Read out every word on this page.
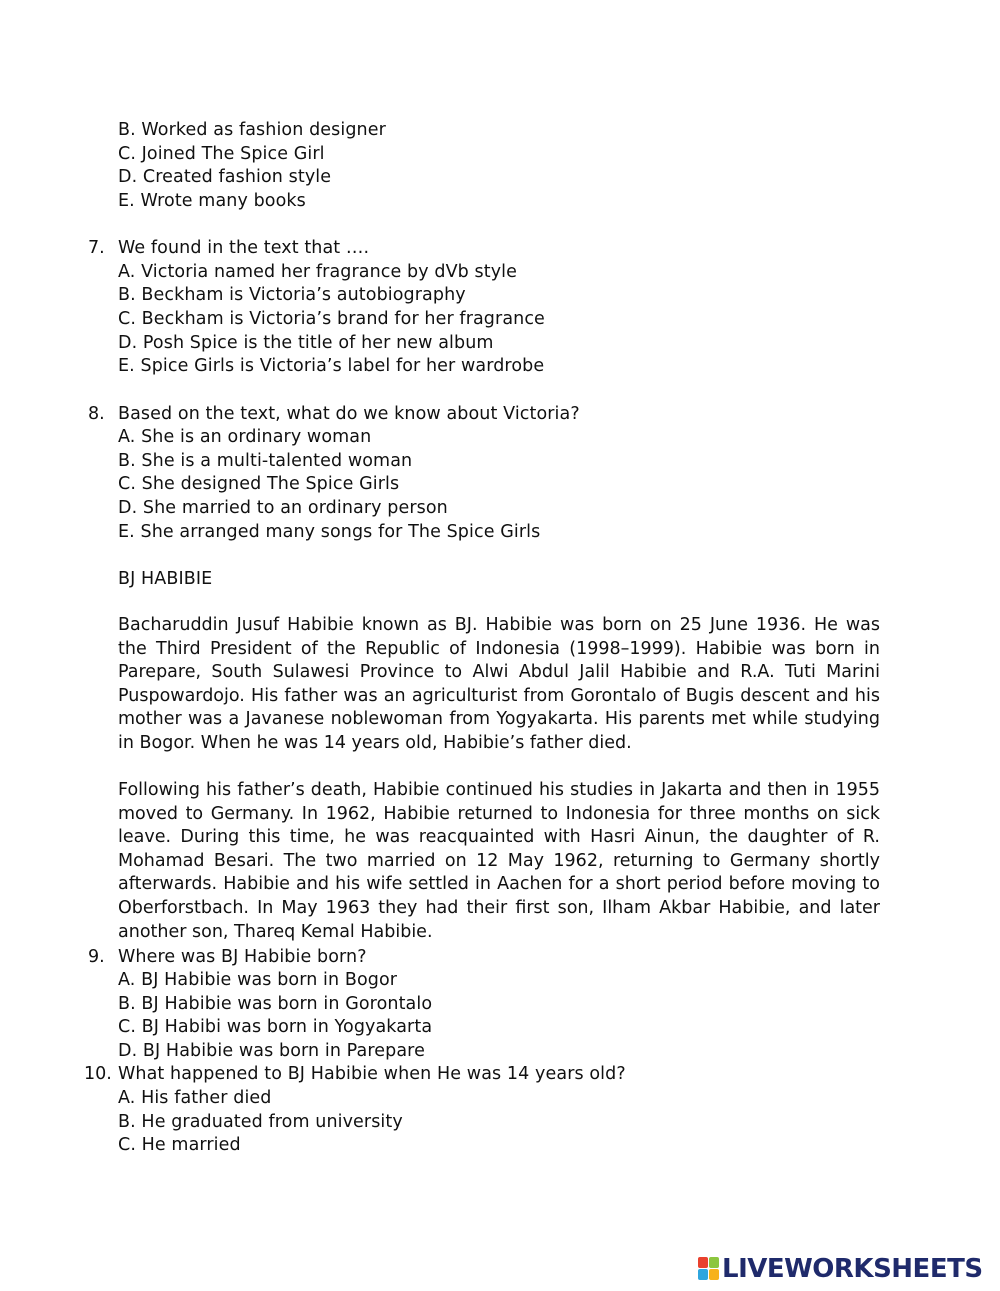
B. Worked as fashion designer
C. Joined The Spice Girl
D. Created fashion style
E. Wrote many books
7. We found in the text that ….
A. Victoria named her fragrance by dVb style
B. Beckham is Victoria’s autobiography
C. Beckham is Victoria’s brand for her fragrance
D. Posh Spice is the title of her new album
E. Spice Girls is Victoria’s label for her wardrobe
8. Based on the text, what do we know about Victoria?
A. She is an ordinary woman
B. She is a multi-talented woman
C. She designed The Spice Girls
D. She married to an ordinary person
E. She arranged many songs for The Spice Girls
BJ HABIBIE
Bacharuddin Jusuf Habibie known as BJ. Habibie was born on 25 June 1936. He was the Third President of the Republic of Indonesia (1998–1999). Habibie was born in Parepare, South Sulawesi Province to Alwi Abdul Jalil Habibie and R.A. Tuti Marini Puspowardojo. His father was an agriculturist from Gorontalo of Bugis descent and his mother was a Javanese noblewoman from Yogyakarta. His parents met while studying in Bogor. When he was 14 years old, Habibie’s father died.
Following his father’s death, Habibie continued his studies in Jakarta and then in 1955 moved to Germany. In 1962, Habibie returned to Indonesia for three months on sick leave. During this time, he was reacquainted with Hasri Ainun, the daughter of R. Mohamad Besari. The two married on 12 May 1962, returning to Germany shortly afterwards. Habibie and his wife settled in Aachen for a short period before moving to Oberforstbach. In May 1963 they had their first son, Ilham Akbar Habibie, and later another son, Thareq Kemal Habibie.
9. Where was BJ Habibie born?
A. BJ Habibie was born in Bogor
B. BJ Habibie was born in Gorontalo
C. BJ Habibi was born in Yogyakarta
D. BJ Habibie was born in Parepare
10. What happened to BJ Habibie when He was 14 years old?
A. His father died
B. He graduated from university
C. He married
LIVEWORKSHEETS
